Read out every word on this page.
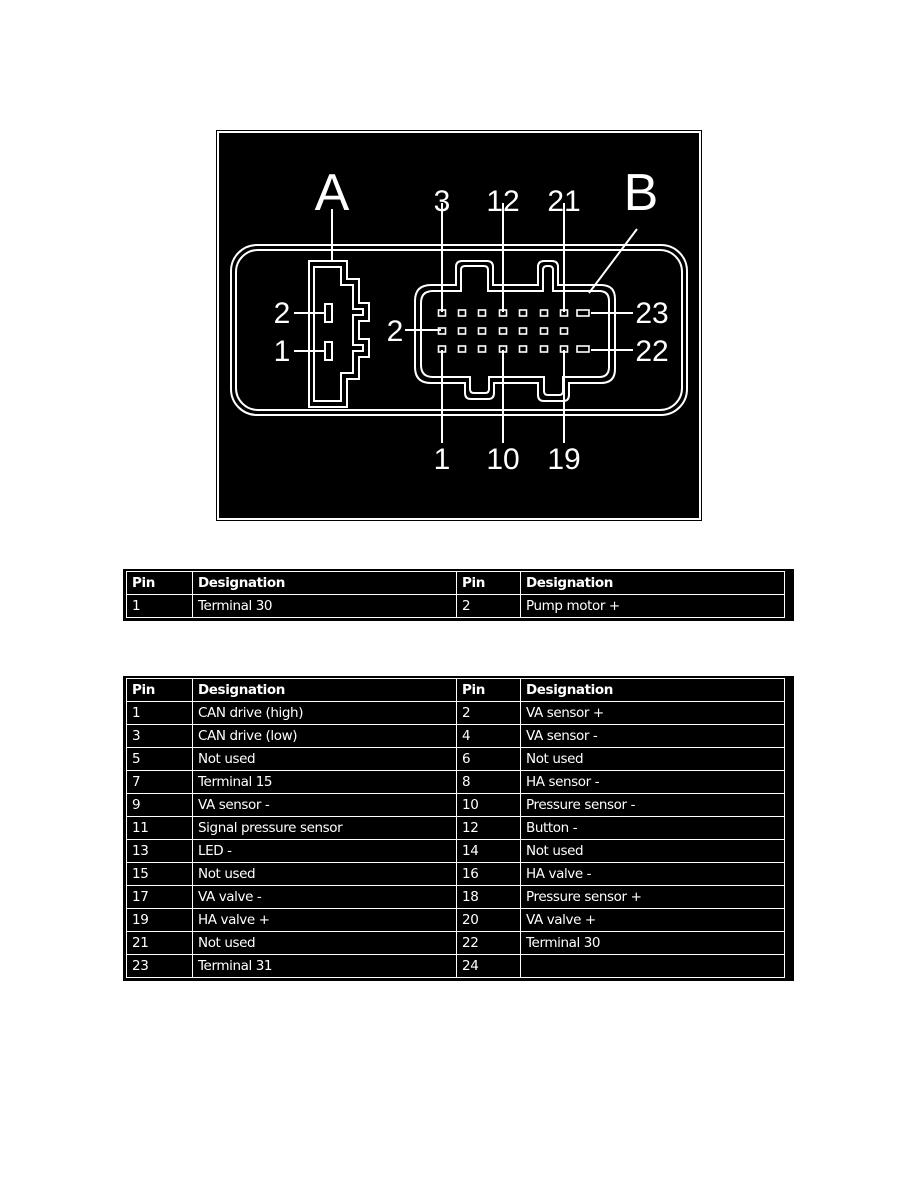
A	B
2
1
3 12 21
2
23
22
1 10 19
Pin	Designation	Pin	Designation
1	Terminal 30	2	Pump motor +
Pin	Designation	Pin	Designation
1	CAN drive (high)	2	VA sensor +
3	CAN drive (low)	4	VA sensor -
5	Not used	6	Not used
7	Terminal 15	8	HA sensor -
9	VA sensor -	10	Pressure sensor -
11	Signal pressure sensor	12	Button -
13	LED -	14	Not used
15	Not used	16	HA valve -
17	VA valve -	18	Pressure sensor +
19	HA valve +	20	VA valve +
21	Not used	22	Terminal 30
23	Terminal 31	24	
